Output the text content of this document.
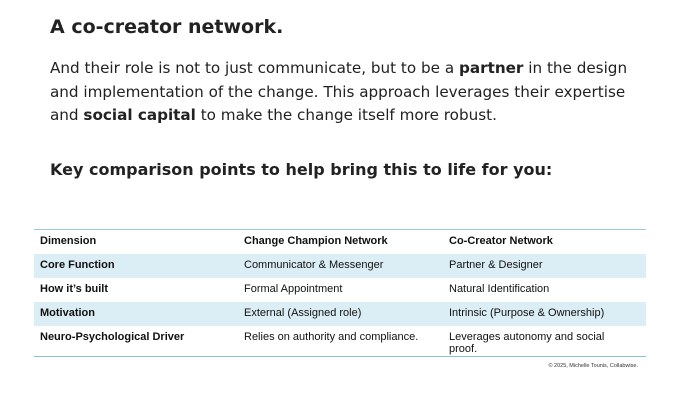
A co-creator network.

And their role is not to just communicate, but to be a partner in the design and implementation of the change. This approach leverages their expertise and social capital to make the change itself more robust.

Key comparison points to help bring this to life for you:
Dimension	Change Champion Network	Co-Creator Network
Core Function	Communicator & Messenger	Partner & Designer
How it’s built	Formal Appointment	Natural Identification
Motivation	External (Assigned role)	Intrinsic (Purpose & Ownership)
Neuro-Psychological Driver	Relies on authority and compliance.	Leverages autonomy and social proof.
© 2025, Michelle Tounis, Collabwise.
